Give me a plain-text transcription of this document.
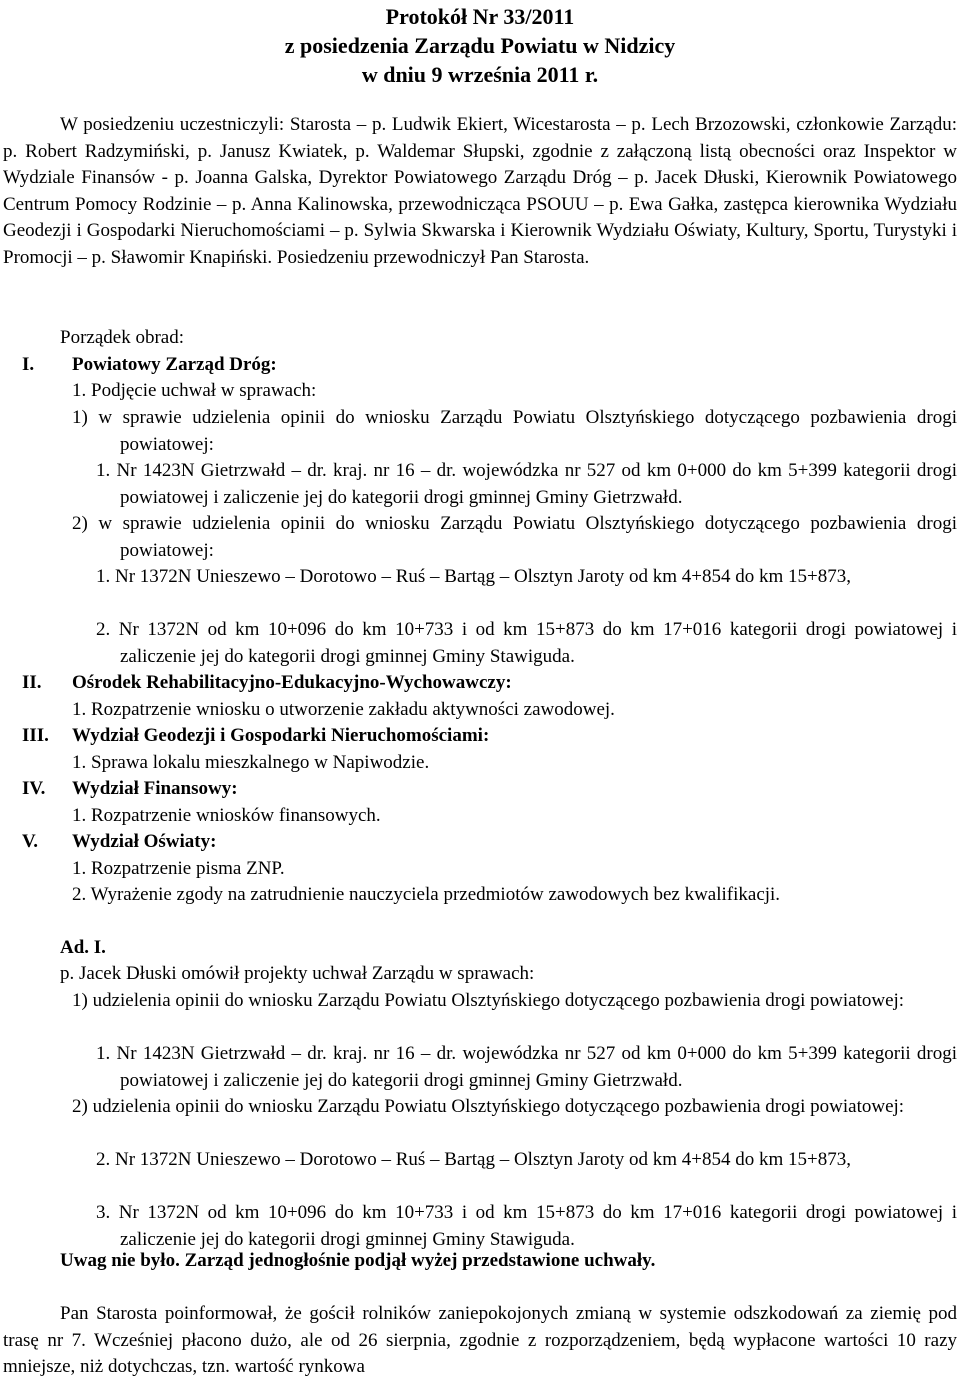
Protokół Nr 33/2011
z posiedzenia Zarządu Powiatu w Nidzicy
w dniu 9 września 2011 r.
W posiedzeniu uczestniczyli: Starosta – p. Ludwik Ekiert, Wicestarosta – p. Lech Brzozowski, członkowie Zarządu: p. Robert Radzymiński, p. Janusz Kwiatek, p. Waldemar Słupski, zgodnie z załączoną listą obecności oraz Inspektor w Wydziale Finansów - p. Joanna Galska, Dyrektor Powiatowego Zarządu Dróg – p. Jacek Dłuski, Kierownik Powiatowego Centrum Pomocy Rodzinie – p. Anna Kalinowska, przewodnicząca PSOUU – p. Ewa Gałka, zastępca kierownika Wydziału Geodezji i Gospodarki Nieruchomościami – p. Sylwia Skwarska i Kierownik Wydziału Oświaty, Kultury, Sportu, Turystyki i Promocji – p. Sławomir Knapiński. Posiedzeniu przewodniczył Pan Starosta.
Porządek obrad:
I. Powiatowy Zarząd Dróg:
1. Podjęcie uchwał w sprawach:
1) w sprawie udzielenia opinii do wniosku Zarządu Powiatu Olsztyńskiego dotyczącego pozbawienia drogi powiatowej:
1. Nr 1423N Gietrzwałd – dr. kraj. nr 16 – dr. wojewódzka nr 527 od km 0+000 do km 5+399 kategorii drogi powiatowej i zaliczenie jej do kategorii drogi gminnej Gminy Gietrzwałd.
2) w sprawie udzielenia opinii do wniosku Zarządu Powiatu Olsztyńskiego dotyczącego pozbawienia drogi powiatowej:
1. Nr 1372N Unieszewo – Dorotowo – Ruś – Bartąg – Olsztyn Jaroty od km 4+854 do km 15+873,
2. Nr 1372N od km 10+096 do km 10+733 i od km 15+873 do km 17+016 kategorii drogi powiatowej i zaliczenie jej do kategorii drogi gminnej Gminy Stawiguda.
II. Ośrodek Rehabilitacyjno-Edukacyjno-Wychowawczy:
1. Rozpatrzenie wniosku o utworzenie zakładu aktywności zawodowej.
III. Wydział Geodezji i Gospodarki Nieruchomościami:
1. Sprawa lokalu mieszkalnego w Napiwodzie.
IV. Wydział Finansowy:
1. Rozpatrzenie wniosków finansowych.
V. Wydział Oświaty:
1. Rozpatrzenie pisma ZNP.
2. Wyrażenie zgody na zatrudnienie nauczyciela przedmiotów zawodowych bez kwalifikacji.
Ad. I.
p. Jacek Dłuski omówił projekty uchwał Zarządu w sprawach:
1) udzielenia opinii do wniosku Zarządu Powiatu Olsztyńskiego dotyczącego pozbawienia drogi powiatowej:
1. Nr 1423N Gietrzwałd – dr. kraj. nr 16 – dr. wojewódzka nr 527 od km 0+000 do km 5+399 kategorii drogi powiatowej i zaliczenie jej do kategorii drogi gminnej Gminy Gietrzwałd.
2) udzielenia opinii do wniosku Zarządu Powiatu Olsztyńskiego dotyczącego pozbawienia drogi powiatowej:
2. Nr 1372N Unieszewo – Dorotowo – Ruś – Bartąg – Olsztyn Jaroty od km 4+854 do km 15+873,
3. Nr 1372N od km 10+096 do km 10+733 i od km 15+873 do km 17+016 kategorii drogi powiatowej i zaliczenie jej do kategorii drogi gminnej Gminy Stawiguda.
Uwag nie było. Zarząd jednogłośnie podjął wyżej przedstawione uchwały.
Pan Starosta poinformował, że gościł rolników zaniepokojonych zmianą w systemie odszkodowań za ziemię pod trasę nr 7. Wcześniej płacono dużo, ale od 26 sierpnia, zgodnie z rozporządzeniem, będą wypłacone wartości 10 razy mniejsze, niż dotychczas, tzn. wartość rynkowa
